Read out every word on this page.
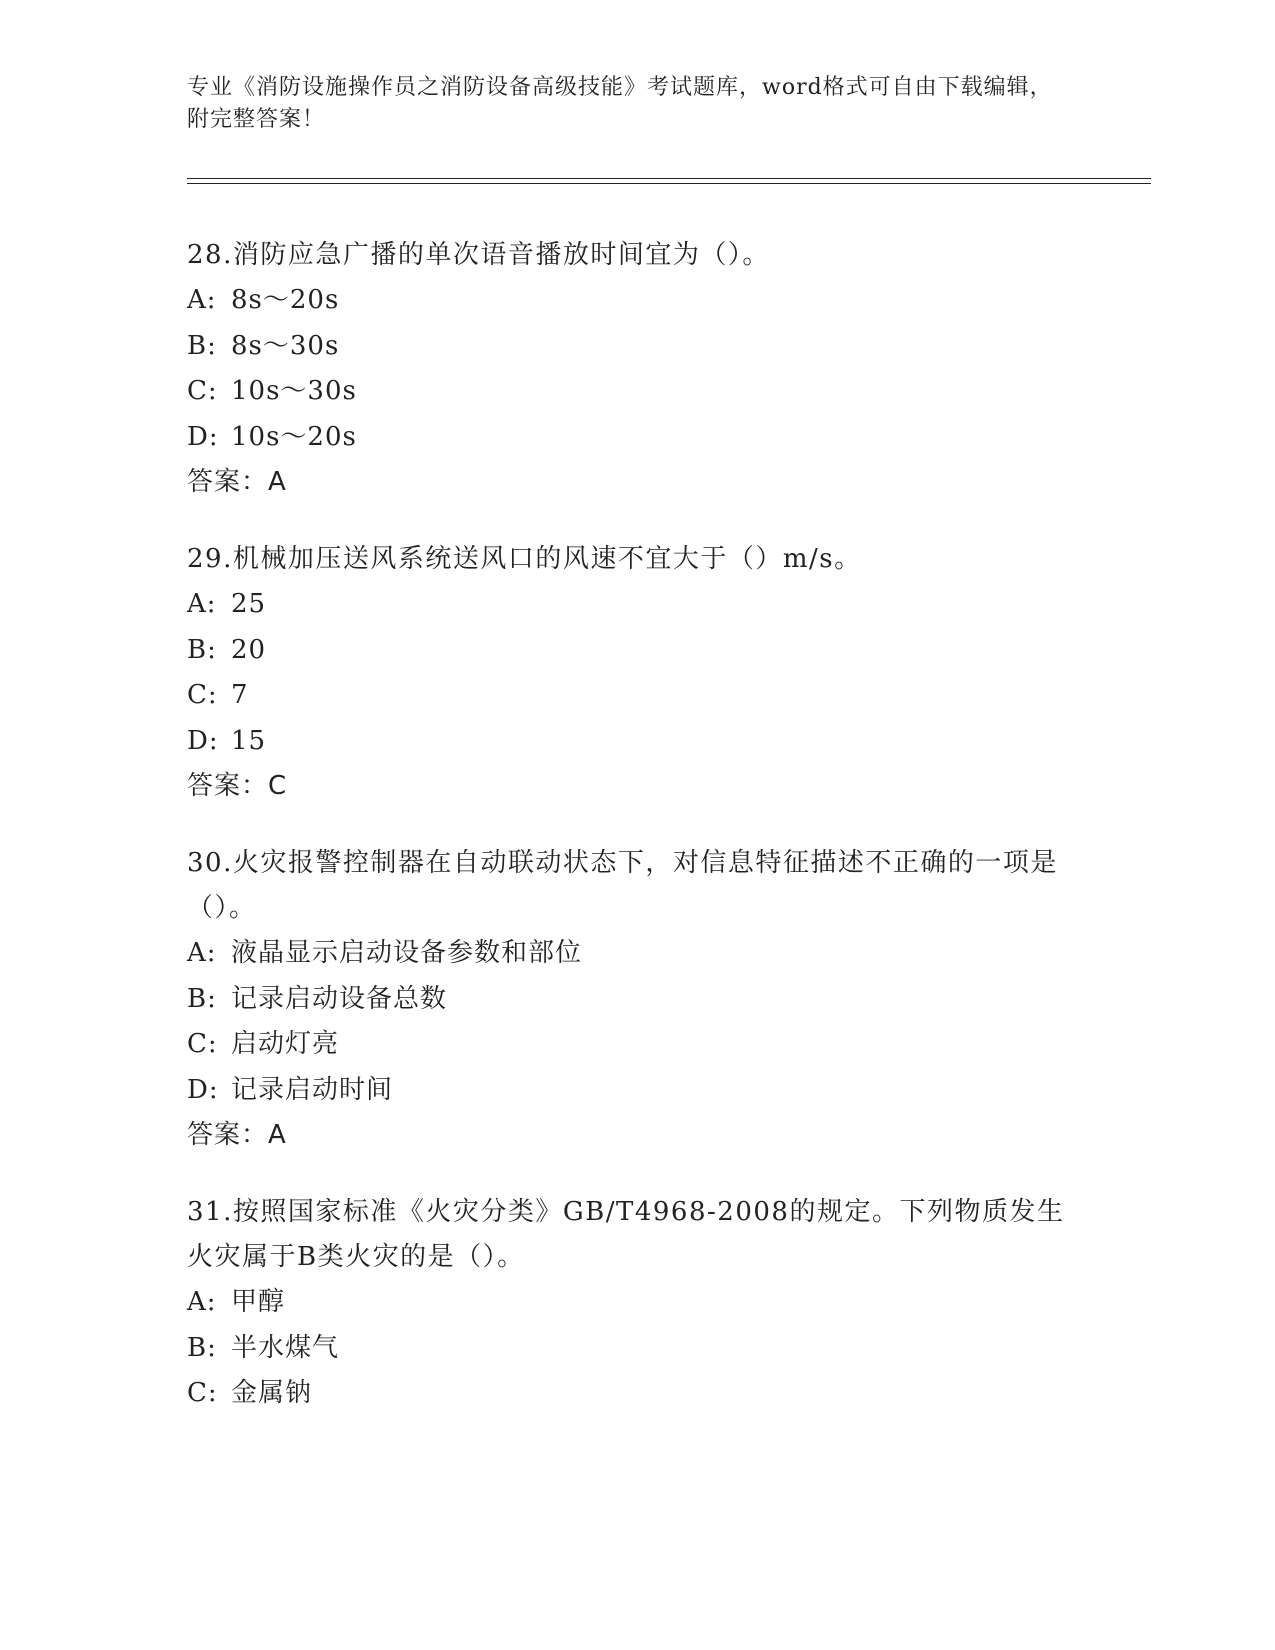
专业《消防设施操作员之消防设备高级技能》考试题库，word格式可自由下载编辑，附完整答案！

28.消防应急广播的单次语音播放时间宜为（）。

A: 8s～20s
B: 8s～30s
C: 10s～30s
D: 10s～20s
答案：A

29.机械加压送风系统送风口的风速不宜大于（）m/s。

A: 25
B: 20
C: 7
D: 15
答案：C

30.火灾报警控制器在自动联动状态下，对信息特征描述不正确的一项是（）。

A: 液晶显示启动设备参数和部位
B: 记录启动设备总数
C: 启动灯亮
D: 记录启动时间
答案：A

31.按照国家标准《火灾分类》GB/T4968-2008的规定。下列物质发生火灾属于B类火灾的是（）。

A: 甲醇
B: 半水煤气
C: 金属钠
